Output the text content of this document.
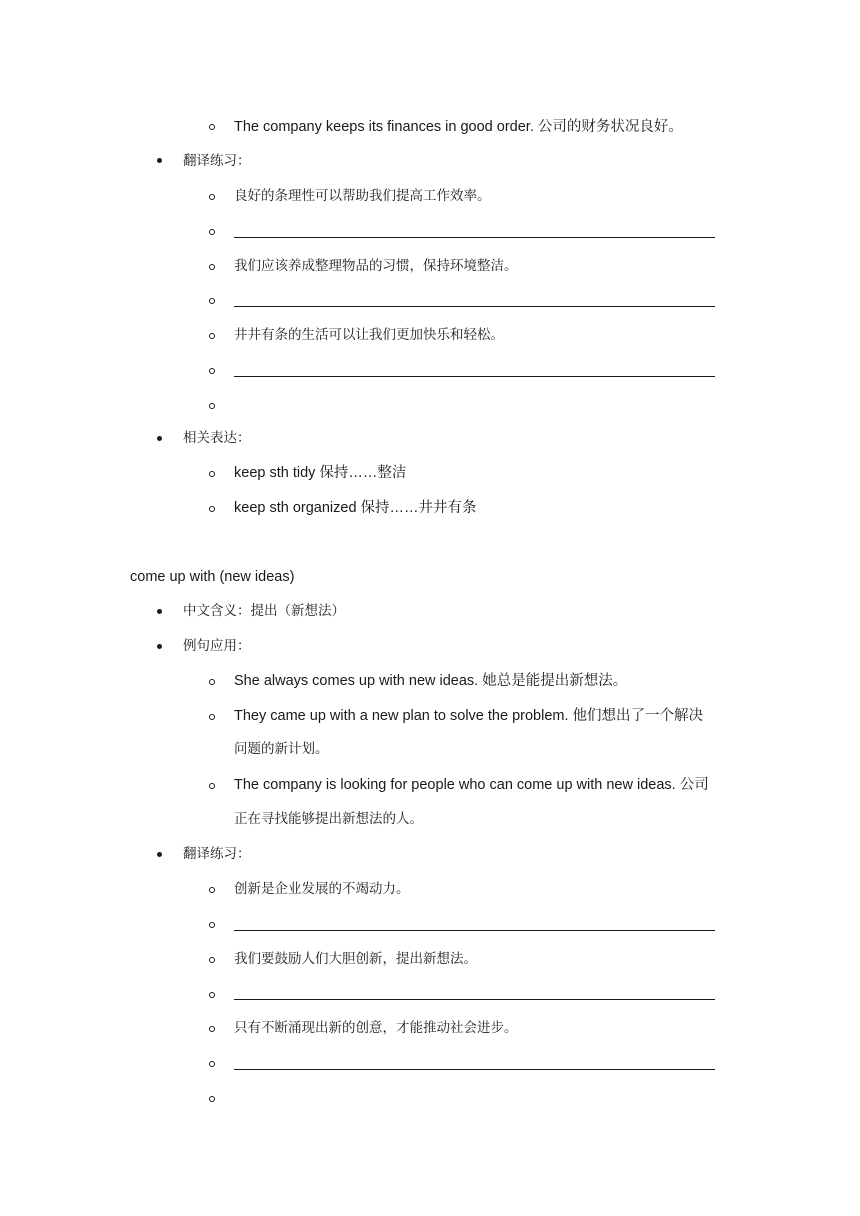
The company keeps its finances in good order. 公司的财务状况良好。
翻译练习：
良好的条理性可以帮助我们提高工作效率。
我们应该养成整理物品的习惯，保持环境整洁。
井井有条的生活可以让我们更加快乐和轻松。
相关表达：
keep sth tidy 保持……整洁
keep sth organized 保持……井井有条
come up with (new ideas)
中文含义：提出（新想法）
例句应用：
She always comes up with new ideas. 她总是能提出新想法。
They came up with a new plan to solve the problem. 他们想出了一个解决
问题的新计划。
The company is looking for people who can come up with new ideas. 公司
正在寻找能够提出新想法的人。
翻译练习：
创新是企业发展的不竭动力。
我们要鼓励人们大胆创新，提出新想法。
只有不断涌现出新的创意，才能推动社会进步。
